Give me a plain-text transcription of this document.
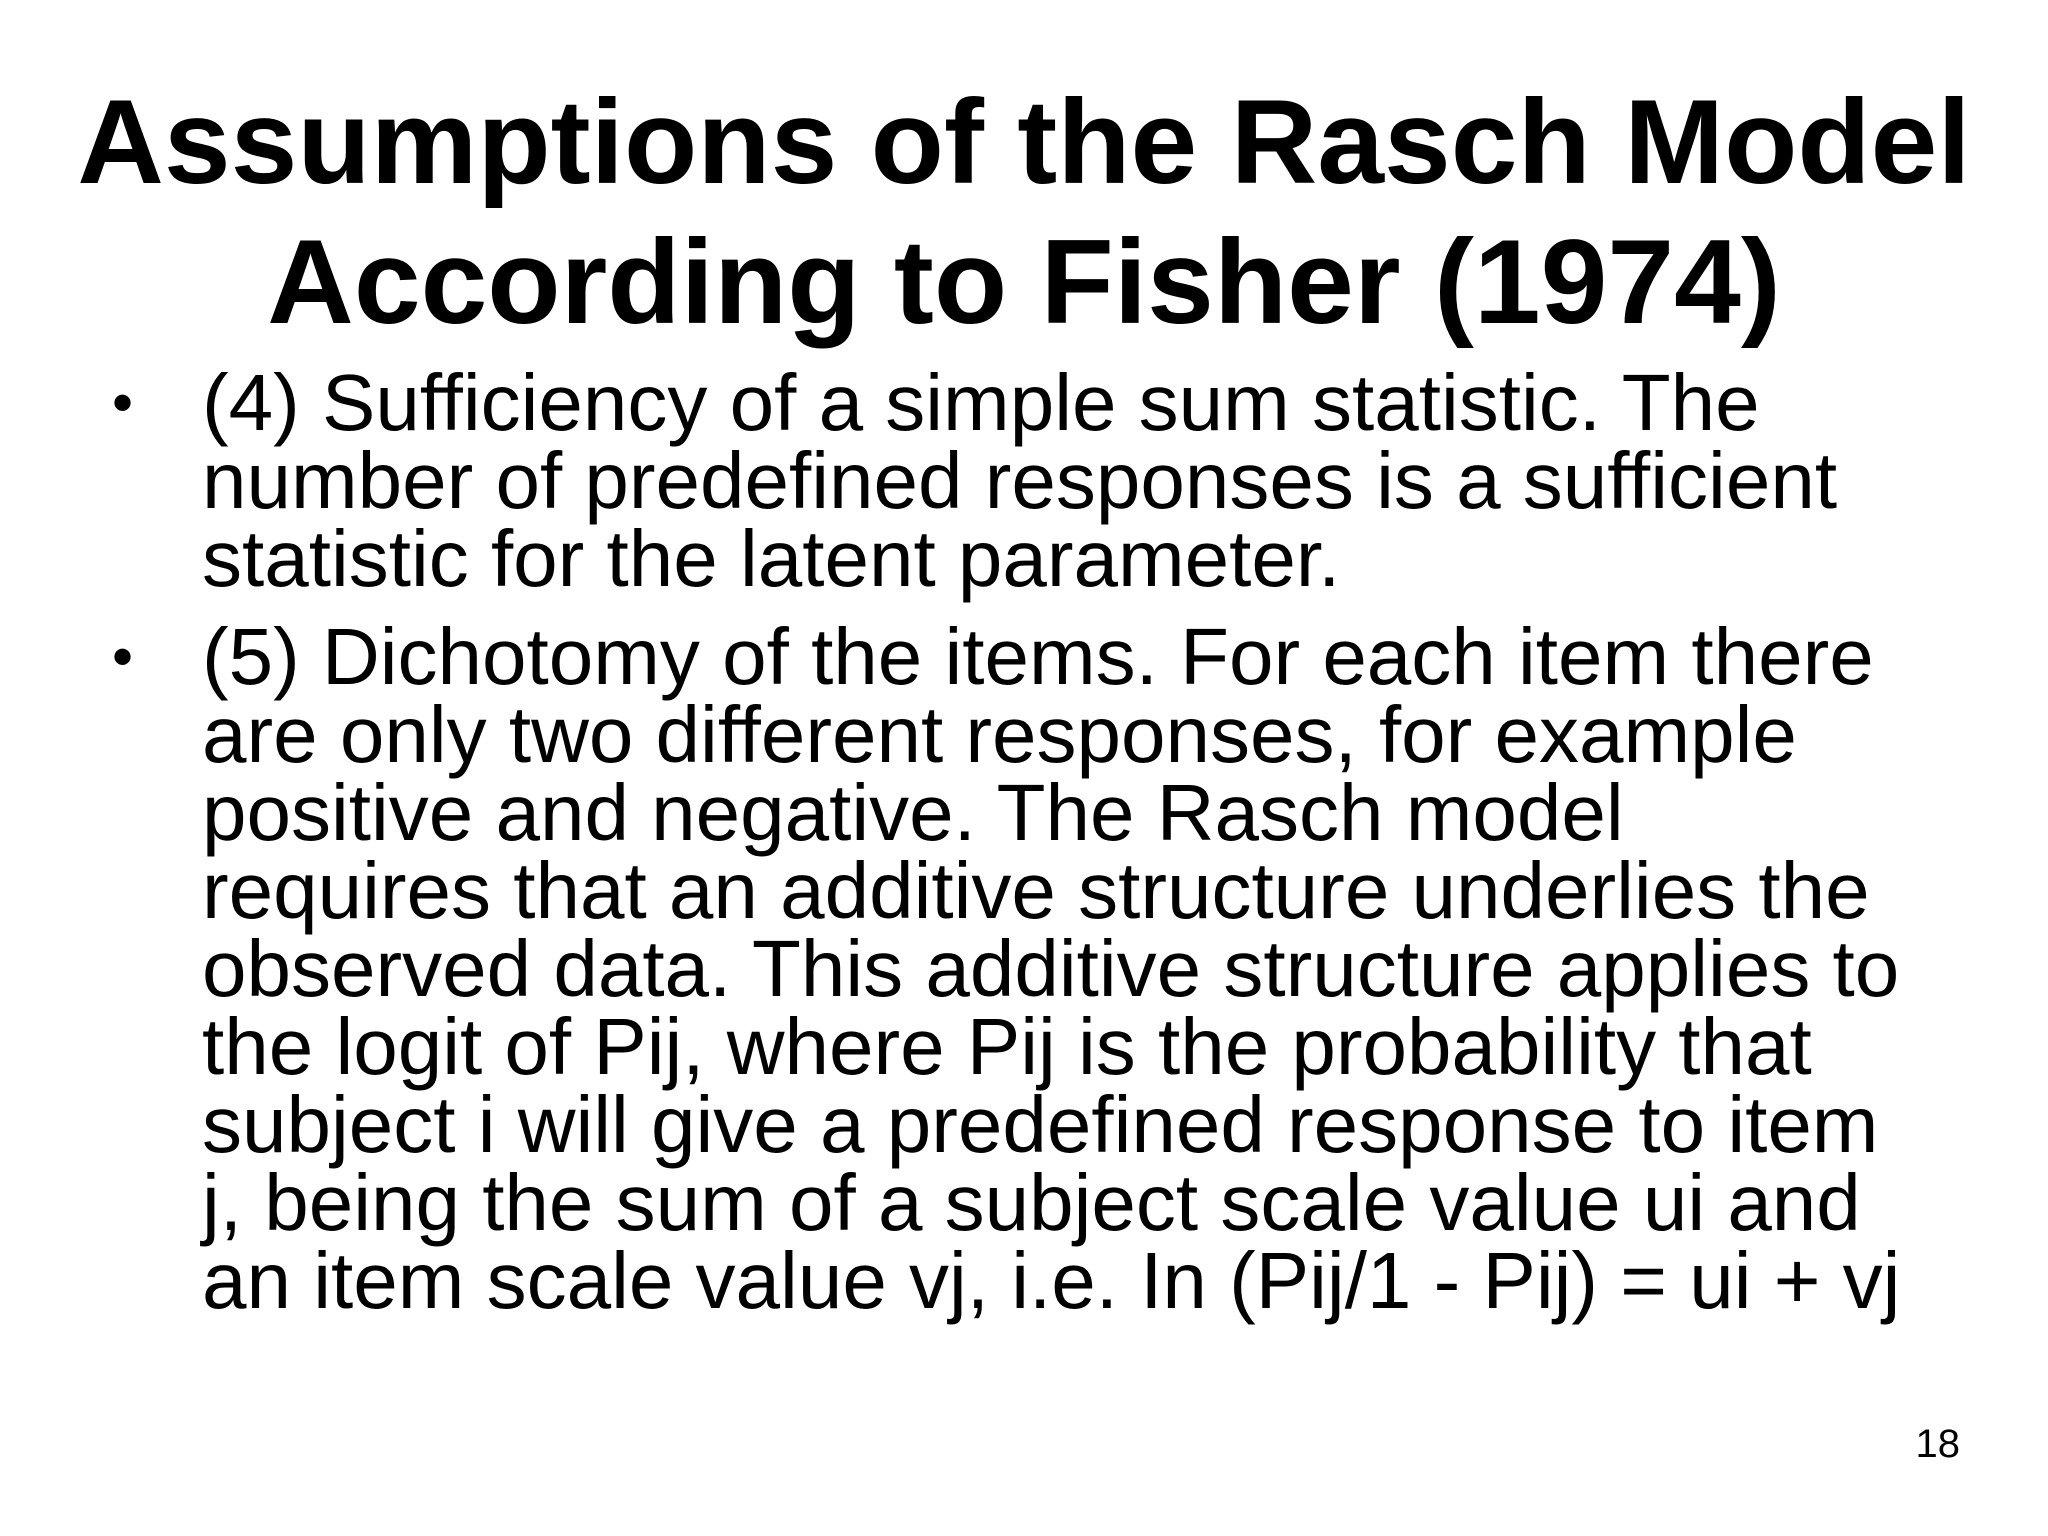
Assumptions of the Rasch Model
According to Fisher (1974)
• (4) Sufficiency of a simple sum statistic. The
number of predefined responses is a sufficient
statistic for the latent parameter.
• (5) Dichotomy of the items. For each item there
are only two different responses, for example
positive and negative. The Rasch model
requires that an additive structure underlies the
observed data. This additive structure applies to
the logit of Pij, where Pij is the probability that
subject i will give a predefined response to item
j, being the sum of a subject scale value ui and
an item scale value vj, i.e. In (Pij/1 - Pij) = ui + vj
18
